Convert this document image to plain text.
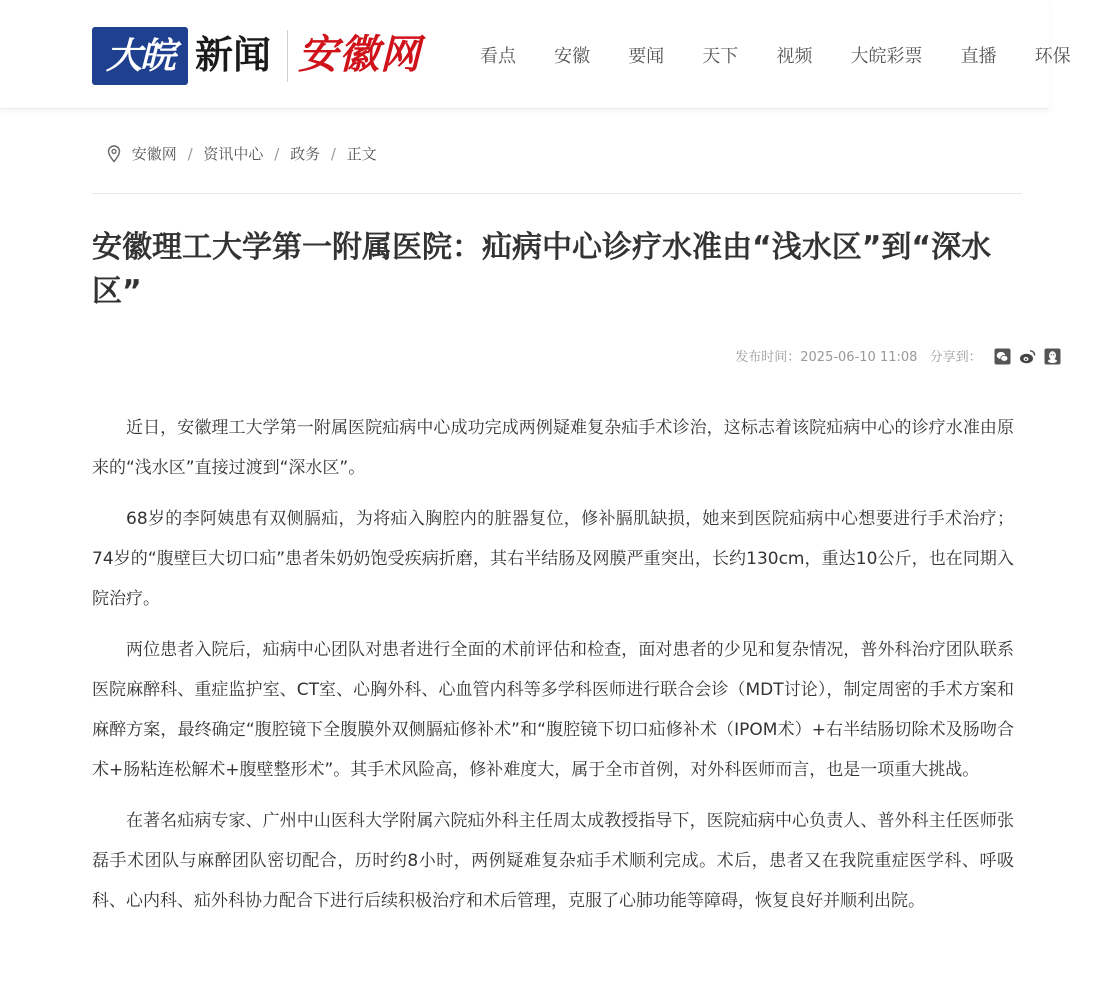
大皖 新闻 安徽网	看点 安徽 要闻 天下 视频 大皖彩票 直播 环保
安徽网 / 资讯中心 / 政务 / 正文
安徽理工大学第一附属医院：疝病中心诊疗水准由“浅水区”到“深水区”
发布时间：2025-06-10 11:08 分享到：

近日，安徽理工大学第一附属医院疝病中心成功完成两例疑难复杂疝手术诊治，这标志着该院疝病中心的诊疗水准由原来的“浅水区”直接过渡到“深水区”。

68岁的李阿姨患有双侧膈疝，为将疝入胸腔内的脏器复位，修补膈肌缺损，她来到医院疝病中心想要进行手术治疗；74岁的“腹壁巨大切口疝”患者朱奶奶饱受疾病折磨，其右半结肠及网膜严重突出，长约130cm，重达10公斤，也在同期入院治疗。

两位患者入院后，疝病中心团队对患者进行全面的术前评估和检查，面对患者的少见和复杂情况，普外科治疗团队联系医院麻醉科、重症监护室、CT室、心胸外科、心血管内科等多学科医师进行联合会诊（MDT讨论），制定周密的手术方案和麻醉方案，最终确定“腹腔镜下全腹膜外双侧膈疝修补术”和“腹腔镜下切口疝修补术（IPOM术）+右半结肠切除术及肠吻合术+肠粘连松解术+腹壁整形术”。其手术风险高，修补难度大，属于全市首例，对外科医师而言，也是一项重大挑战。

在著名疝病专家、广州中山医科大学附属六院疝外科主任周太成教授指导下，医院疝病中心负责人、普外科主任医师张磊手术团队与麻醉团队密切配合，历时约8小时，两例疑难复杂疝手术顺利完成。术后，患者又在我院重症医学科、呼吸科、心内科、疝外科协力配合下进行后续积极治疗和术后管理，克服了心肺功能等障碍，恢复良好并顺利出院。
